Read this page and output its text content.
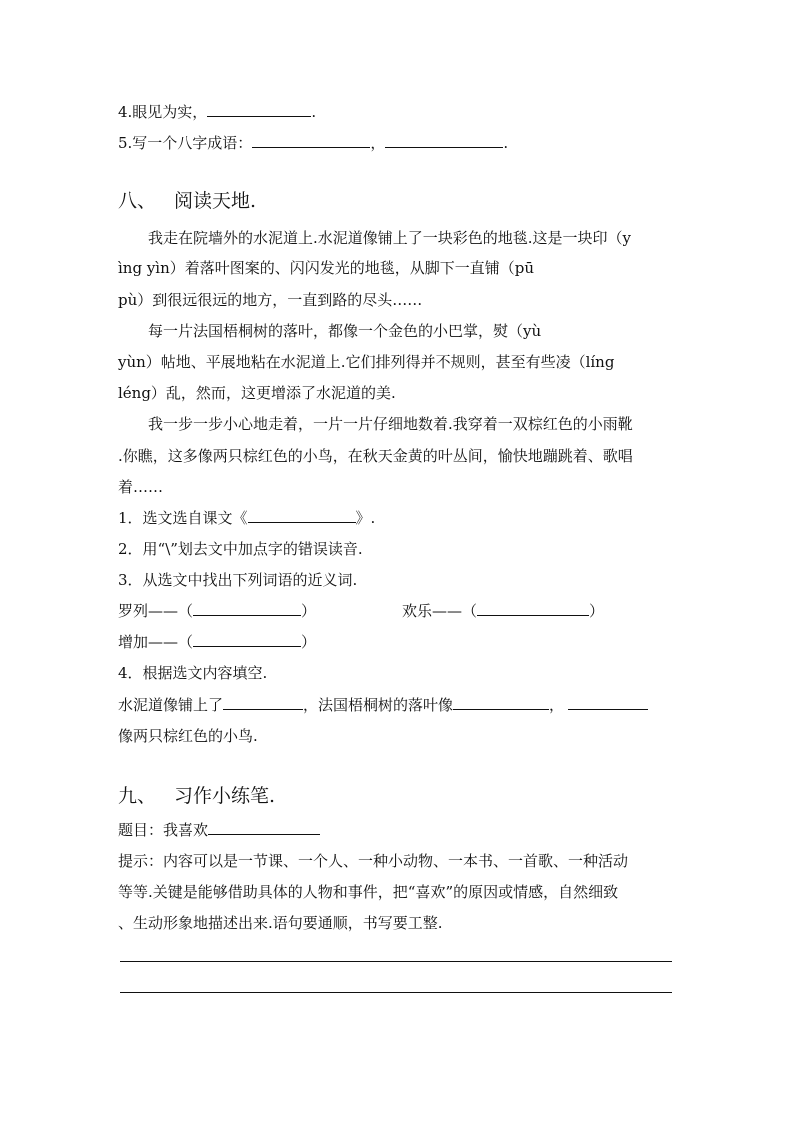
4.眼见为实，	.
5.写一个八字成语：	，	.
八、 阅读天地.
我走在院墙外的水泥道上.水泥道像铺上了一块彩色的地毯.这是一块印（y
ìng yìn）着落叶图案的、闪闪发光的地毯，从脚下一直铺（pū
pù）到很远很远的地方，一直到路的尽头……
每一片法国梧桐树的落叶，都像一个金色的小巴掌，熨（yù
yùn）帖地、平展地粘在水泥道上.它们排列得并不规则，甚至有些凌（líng
léng）乱，然而，这更增添了水泥道的美.
我一步一步小心地走着，一片一片仔细地数着.我穿着一双棕红色的小雨靴
.你瞧，这多像两只棕红色的小鸟，在秋天金黄的叶丛间，愉快地蹦跳着、歌唱
着……
1．选文选自课文《	》.
2．用“\”划去文中加点字的错误读音.
3．从选文中找出下列词语的近义词.
罗列——（	）	欢乐——（	）
增加——（	）
4．根据选文内容填空.
水泥道像铺上了	，法国梧桐树的落叶像	，
像两只棕红色的小鸟.
九、 习作小练笔.
题目：我喜欢
提示：内容可以是一节课、一个人、一种小动物、一本书、一首歌、一种活动
等等.关键是能够借助具体的人物和事件，把“喜欢”的原因或情感，自然细致
、生动形象地描述出来.语句要通顺，书写要工整.
